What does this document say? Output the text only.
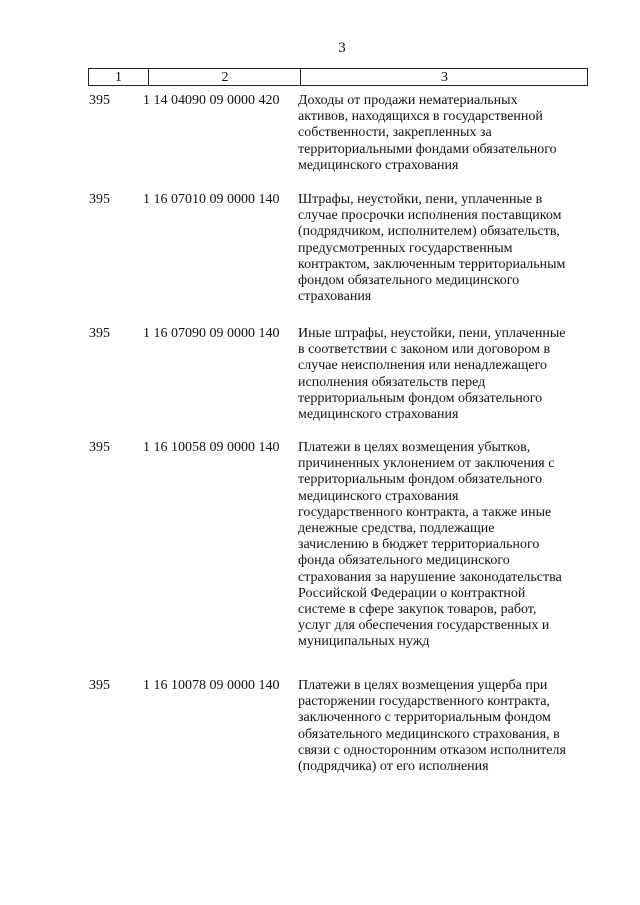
3
1	2	3
395	1 14 04090 09 0000 420	Доходы от продажи нематериальных
активов, находящихся в государственной
собственности, закрепленных за
территориальными фондами обязательного
медицинского страхования
395	1 16 07010 09 0000 140	Штрафы, неустойки, пени, уплаченные в
случае просрочки исполнения поставщиком
(подрядчиком, исполнителем) обязательств,
предусмотренных государственным
контрактом, заключенным территориальным
фондом обязательного медицинского
страхования
395	1 16 07090 09 0000 140	Иные штрафы, неустойки, пени, уплаченные
в соответствии с законом или договором в
случае неисполнения или ненадлежащего
исполнения обязательств перед
территориальным фондом обязательного
медицинского страхования
395	1 16 10058 09 0000 140	Платежи в целях возмещения убытков,
причиненных уклонением от заключения с
территориальным фондом обязательного
медицинского страхования
государственного контракта, а также иные
денежные средства, подлежащие
зачислению в бюджет территориального
фонда обязательного медицинского
страхования за нарушение законодательства
Российской Федерации о контрактной
системе в сфере закупок товаров, работ,
услуг для обеспечения государственных и
муниципальных нужд
395	1 16 10078 09 0000 140	Платежи в целях возмещения ущерба при
расторжении государственного контракта,
заключенного с территориальным фондом
обязательного медицинского страхования, в
связи с односторонним отказом исполнителя
(подрядчика) от его исполнения
